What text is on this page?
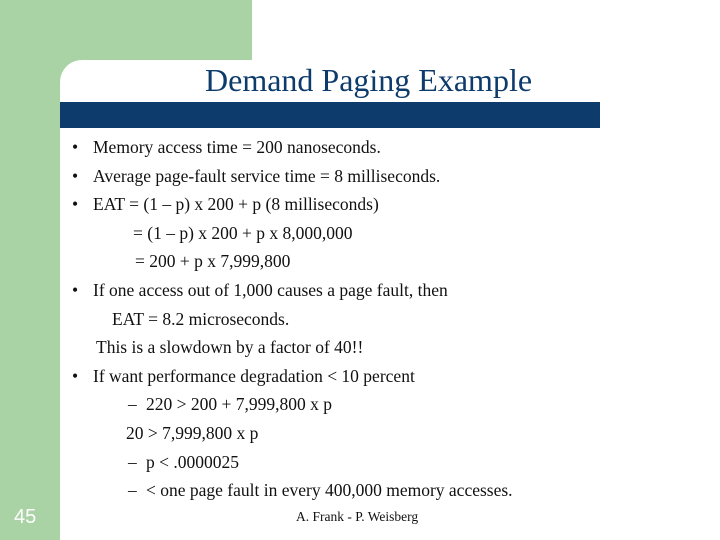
Demand Paging Example
• Memory access time = 200 nanoseconds.
• Average page-fault service time = 8 milliseconds.
• EAT = (1 – p) x 200 + p (8 milliseconds)
= (1 – p) x 200 + p x 8,000,000
= 200 + p x 7,999,800
• If one access out of 1,000 causes a page fault, then
EAT = 8.2 microseconds.
This is a slowdown by a factor of 40!!
• If want performance degradation < 10 percent
– 220 > 200 + 7,999,800 x p
20 > 7,999,800 x p
– p < .0000025
– < one page fault in every 400,000 memory accesses.
45	A. Frank - P. Weisberg
